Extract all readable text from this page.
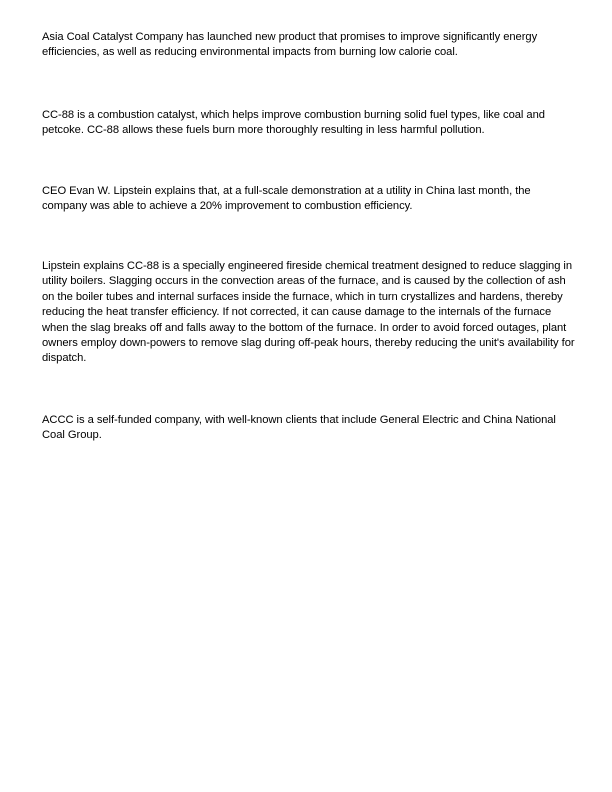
Asia Coal Catalyst Company has launched new product that promises to improve significantly energy efficiencies, as well as reducing environmental impacts from burning low calorie coal.

CC-88 is a combustion catalyst, which helps improve combustion burning solid fuel types, like coal and petcoke. CC-88 allows these fuels burn more thoroughly resulting in less harmful pollution.

CEO Evan W. Lipstein explains that, at a full-scale demonstration at a utility in China last month, the company was able to achieve a 20% improvement to combustion efficiency.

Lipstein explains CC-88 is a specially engineered fireside chemical treatment designed to reduce slagging in utility boilers. Slagging occurs in the convection areas of the furnace, and is caused by the collection of ash on the boiler tubes and internal surfaces inside the furnace, which in turn crystallizes and hardens, thereby reducing the heat transfer efficiency. If not corrected, it can cause damage to the internals of the furnace when the slag breaks off and falls away to the bottom of the furnace. In order to avoid forced outages, plant owners employ down-powers to remove slag during off-peak hours, thereby reducing the unit's availability for dispatch.

ACCC is a self-funded company, with well-known clients that include General Electric and China National Coal Group.
